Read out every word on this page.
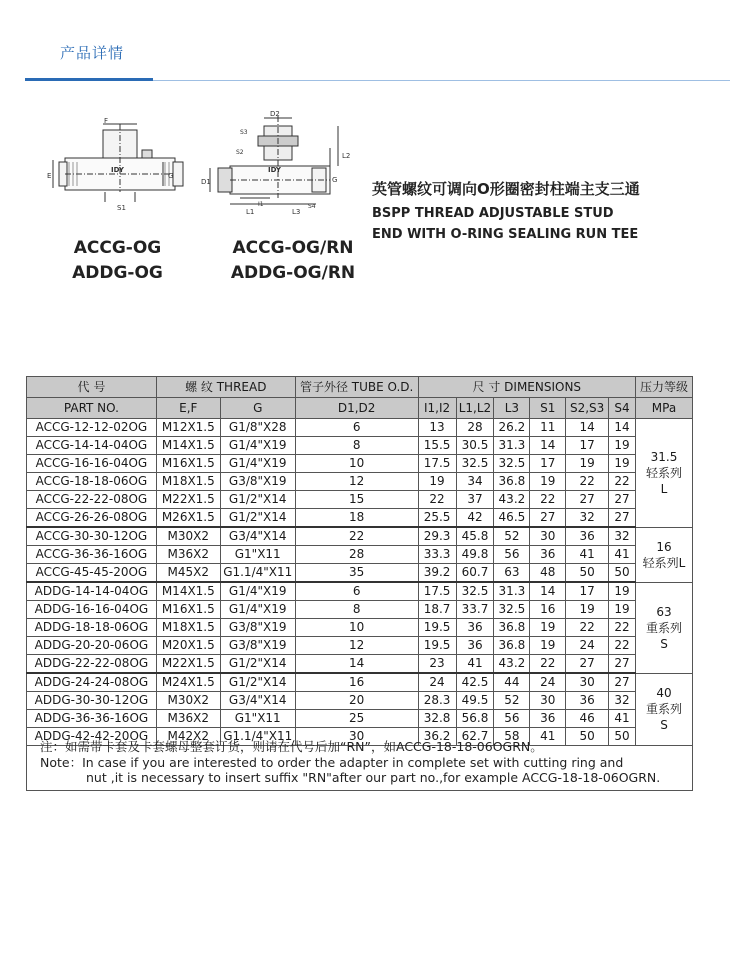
产品详情
F
E	G
S1
IDY
D2
S3
S2	L2
D1	G
L1
I1
L3
S4
IDY
ACCG-OG
ADDG-OG
ACCG-OG/RN
ADDG-OG/RN
英管螺纹可调向O形圈密封柱端主支三通
BSPP THREAD ADJUSTABLE STUD
END WITH O-RING SEALING RUN TEE
代 号	螺 纹 THREAD		管子外径 TUBE O.D.	尺 寸 DIMENSIONS						压力等级
PART NO.	E,F	G	D1,D2	I1,I2	L1,L2	L3	S1	S2,S3	S4	MPa
ACCG-12-12-02OG	M12X1.5	G1/8"X28	6	13	28	26.2	11	14	14	31.5
轻系列
L

ACCG-14-14-04OG	M14X1.5	G1/4"X19	8	15.5	30.5	31.3	14	17	19	
ACCG-16-16-04OG	M16X1.5	G1/4"X19	10	17.5	32.5	32.5	17	19	19	
ACCG-18-18-06OG	M18X1.5	G3/8"X19	12	19	34	36.8	19	22	22	
ACCG-22-22-08OG	M22X1.5	G1/2"X14	15	22	37	43.2	22	27	27	
ACCG-26-26-08OG	M26X1.5	G1/2"X14	18	25.5	42	46.5	27	32	27	
ACCG-30-30-12OG	M30X2	G3/4"X14	22	29.3	45.8	52	30	36	32	16
轻系列L

ACCG-36-36-16OG	M36X2	G1"X11	28	33.3	49.8	56	36	41	41	
ACCG-45-45-20OG	M45X2	G1.1/4"X11	35	39.2	60.7	63	48	50	50	
ADDG-14-14-04OG	M14X1.5	G1/4"X19	6	17.5	32.5	31.3	14	17	19	63
重系列
S

ADDG-16-16-04OG	M16X1.5	G1/4"X19	8	18.7	33.7	32.5	16	19	19	
ADDG-18-18-06OG	M18X1.5	G3/8"X19	10	19.5	36	36.8	19	22	22	
ADDG-20-20-06OG	M20X1.5	G3/8"X19	12	19.5	36	36.8	19	24	22	
ADDG-22-22-08OG	M22X1.5	G1/2"X14	14	23	41	43.2	22	27	27	
ADDG-24-24-08OG	M24X1.5	G1/2"X14	16	24	42.5	44	24	30	27	40
重系列
S

ADDG-30-30-12OG	M30X2	G3/4"X14	20	28.3	49.5	52	30	36	32	
ADDG-36-36-16OG	M36X2	G1"X11	25	32.8	56.8	56	36	46	41	
ADDG-42-42-20OG	M42X2	G1.1/4"X11	30	36.2	62.7	58	41	50	50	
注：如需带卡套及卡套螺母整套订货，则请在代号后加“RN”，如ACCG-18-18-06OGRN。
Note：In case if you are interested to order the adapter in complete set with cutting ring and
nut ,it is necessary to insert suffix "RN"after our part no.,for example ACCG-18-18-06OGRN.
